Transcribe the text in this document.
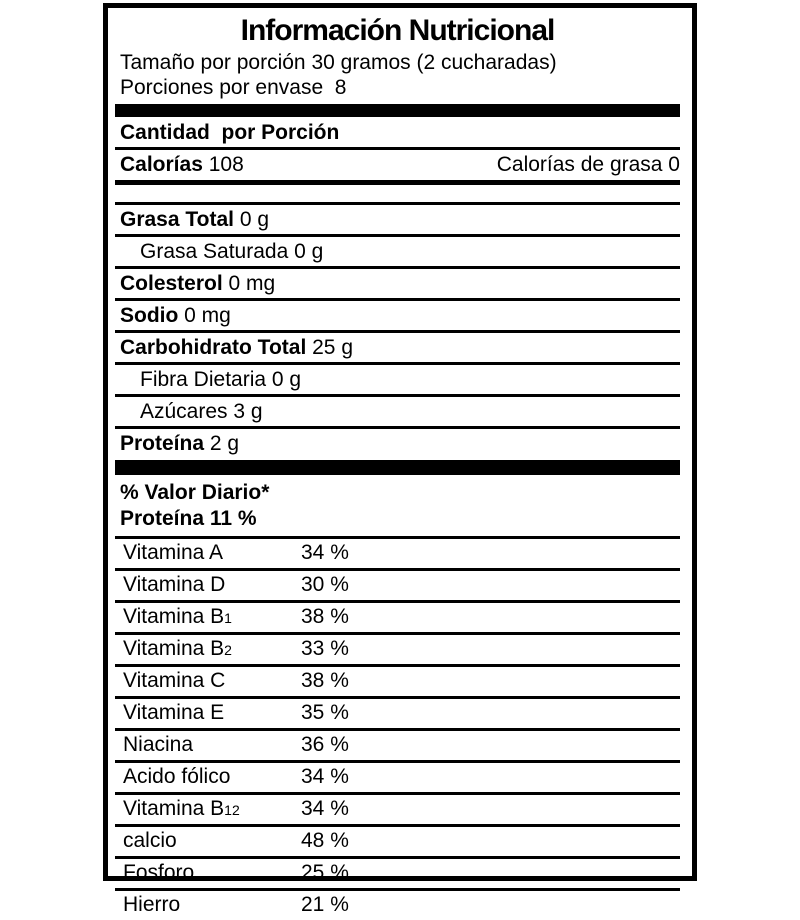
Información Nutricional
Tamaño por porción 30 gramos (2 cucharadas)
Porciones por envase  8
Cantidad  por Porción
Calorías 108	Calorías de grasa 0
Grasa Total 0 g
Grasa Saturada 0 g
Colesterol 0 mg
Sodio 0 mg
Carbohidrato Total 25 g
Fibra Dietaria 0 g
Azúcares 3 g
Proteína 2 g
% Valor Diario*
Proteína 11 %
Vitamina A	34 %
Vitamina D	30 %
Vitamina B1	38 %
Vitamina B2	33 %
Vitamina C	38 %
Vitamina E	35 %
Niacina	36 %
Acido fólico	34 %
Vitamina B12	34 %
calcio	48 %
Fosforo	25 %
Hierro	21 %
